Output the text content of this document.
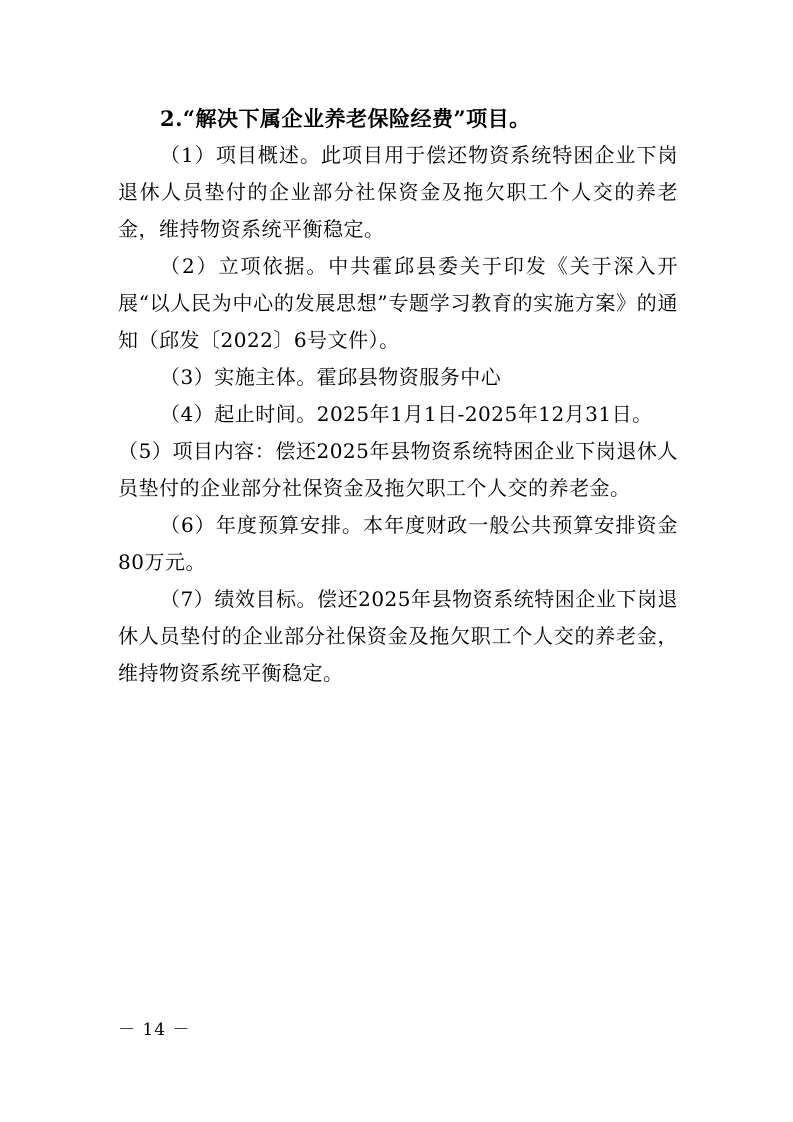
2.“解决下属企业养老保险经费”项目。

（1）项目概述。此项目用于偿还物资系统特困企业下岗退休人员垫付的企业部分社保资金及拖欠职工个人交的养老金，维持物资系统平衡稳定。

（2）立项依据。中共霍邱县委关于印发《关于深入开展“以人民为中心的发展思想”专题学习教育的实施方案》的通知（邱发〔2022〕6号文件）。

（3）实施主体。霍邱县物资服务中心

（4）起止时间。2025年1月1日-2025年12月31日。

（5）项目内容：偿还2025年县物资系统特困企业下岗退休人员垫付的企业部分社保资金及拖欠职工个人交的养老金。

（6）年度预算安排。本年度财政一般公共预算安排资金80万元。

（7）绩效目标。偿还2025年县物资系统特困企业下岗退休人员垫付的企业部分社保资金及拖欠职工个人交的养老金，维持物资系统平衡稳定。

－ 14 －
